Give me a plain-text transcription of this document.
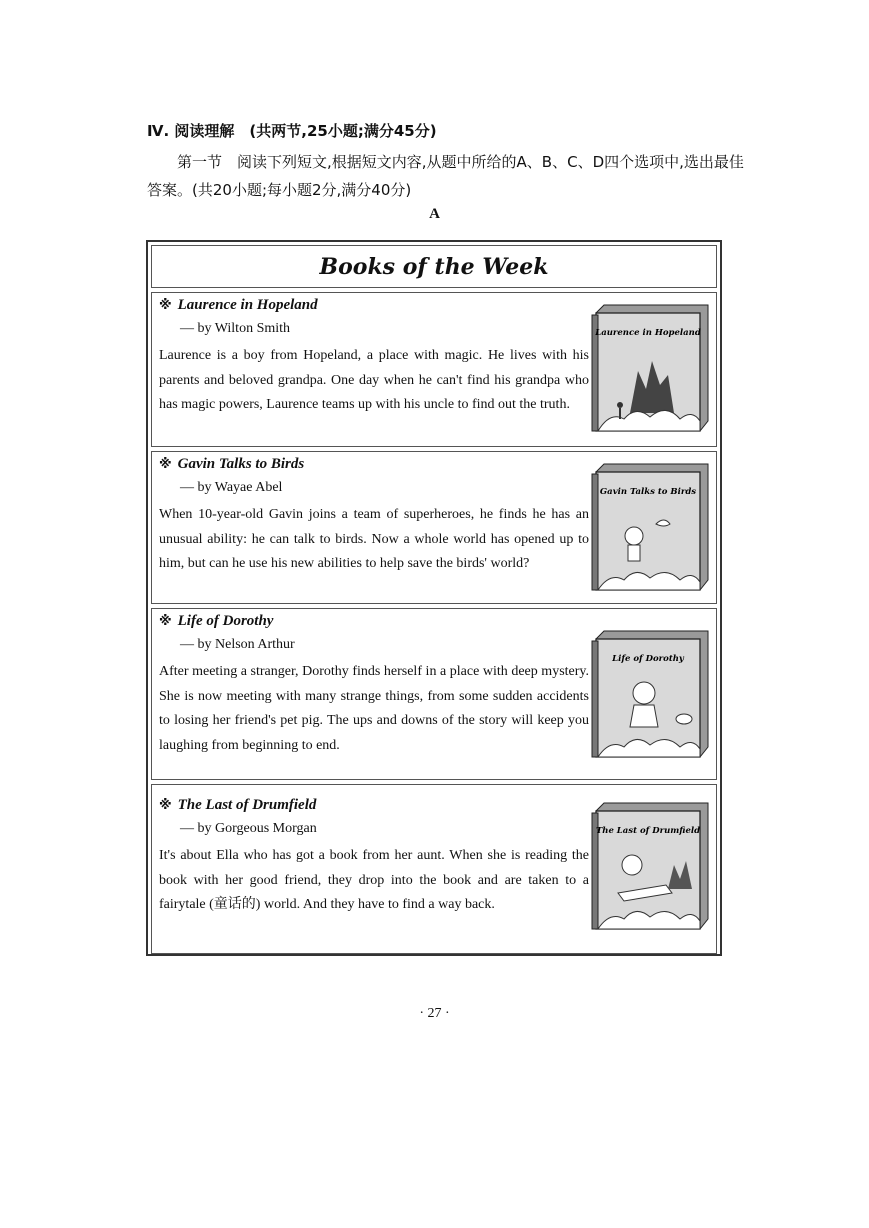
Ⅳ. 阅读理解　(共两节,25小题;满分45分)
第一节　阅读下列短文,根据短文内容,从题中所给的A、B、C、D四个选项中,选出最佳答案。(共20小题;每小题2分,满分40分)
A
Books of the Week
※ Laurence in Hopeland
— by Wilton Smith
Laurence is a boy from Hopeland, a place with magic. He lives with his parents and beloved grandpa. One day when he can't find his grandpa who has magic powers, Laurence teams up with his uncle to find out the truth.
Laurence in Hopeland
※ Gavin Talks to Birds
— by Wayae Abel
When 10-year-old Gavin joins a team of superheroes, he finds he has an unusual ability: he can talk to birds. Now a whole world has opened up to him, but can he use his new abilities to help save the birds' world?
Gavin Talks to Birds
※ Life of Dorothy
— by Nelson Arthur
After meeting a stranger, Dorothy finds herself in a place with deep mystery. She is now meeting with many strange things, from some sudden accidents to losing her friend's pet pig. The ups and downs of the story will keep you laughing from beginning to end.
Life of Dorothy
※ The Last of Drumfield
— by Gorgeous Morgan
It's about Ella who has got a book from her aunt. When she is reading the book with her good friend, they drop into the book and are taken to a fairytale (童话的) world. And they have to find a way back.
The Last of Drumfield
· 27 ·
